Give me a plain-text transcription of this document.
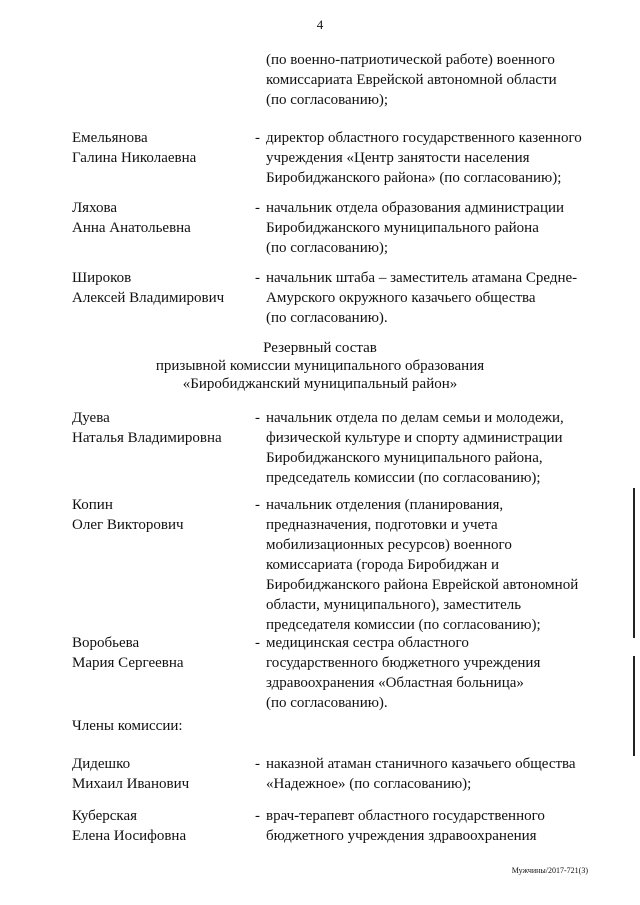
4
(по военно-патриотической работе) военного
комиссариата Еврейской автономной области
(по согласованию);
Емельянова
Галина Николаевна
- директор областного государственного казенного
учреждения «Центр занятости населения
Биробиджанского района» (по согласованию);
Ляхова
Анна Анатольевна
- начальник отдела образования администрации
Биробиджанского муниципального района
(по согласованию);
Широков
Алексей Владимирович
- начальник штаба – заместитель атамана Средне-
Амурского окружного казачьего общества
(по согласованию).
Резервный состав
призывной комиссии муниципального образования
«Биробиджанский муниципальный район»
Дуева
Наталья Владимировна
- начальник отдела по делам семьи и молодежи,
физической культуре и спорту администрации
Биробиджанского муниципального района,
председатель комиссии (по согласованию);
Копин
Олег Викторович
- начальник отделения (планирования,
предназначения, подготовки и учета
мобилизационных ресурсов) военного
комиссариата (города Биробиджан и
Биробиджанского района Еврейской автономной
области, муниципального), заместитель
председателя комиссии (по согласованию);
Воробьева
Мария Сергеевна
- медицинская сестра областного
государственного бюджетного учреждения
здравоохранения «Областная больница»
(по согласованию).
Члены комиссии:
Дидешко
Михаил Иванович
- наказной атаман станичного казачьего общества
«Надежное» (по согласованию);
Куберская
Елена Иосифовна
- врач-терапевт областного государственного
бюджетного учреждения здравоохранения
Мужчины/2017-721(3)
